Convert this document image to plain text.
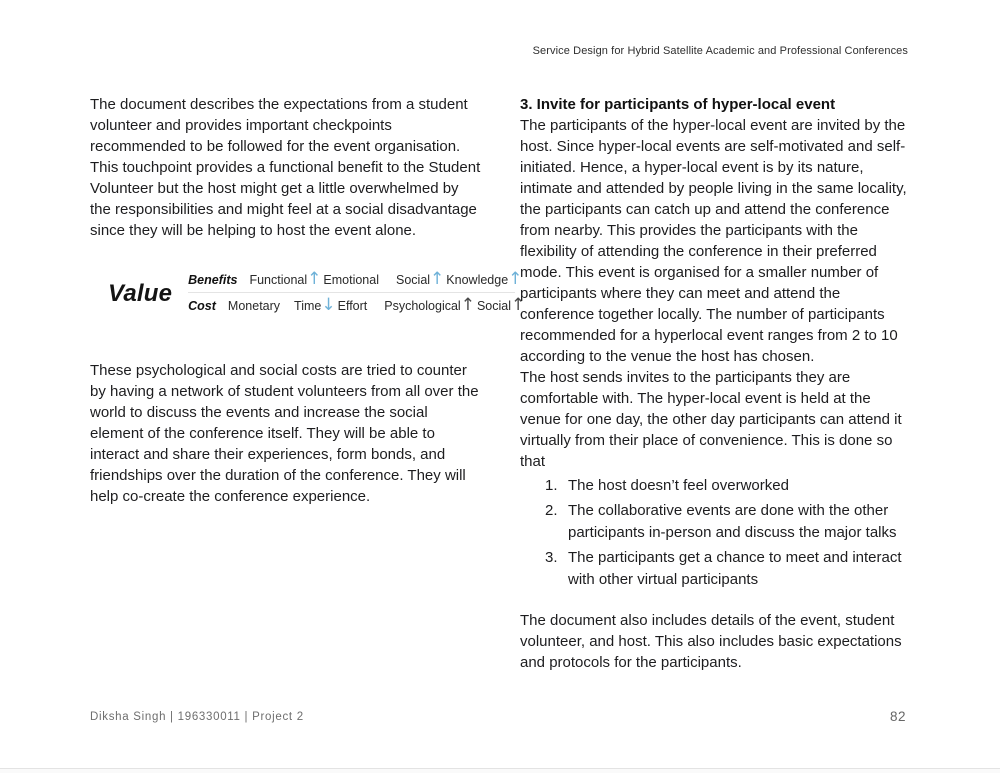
Service Design for Hybrid Satellite Academic and Professional Conferences

The document describes the expectations from a student volunteer and provides important checkpoints recommended to be followed for the event organisation. This touchpoint provides a functional benefit to the Student Volunteer but the host might get a little overwhelmed by the responsibilities and might feel at a social disadvantage since they will be helping to host the event alone.

Value Benefits Functional ↑ Emotional Social ↑ Knowledge ↑
Cost Monetary Time ↓ Effort Psychological ↑ Social ↑

These psychological and social costs are tried to counter by having a network of student volunteers from all over the world to discuss the events and increase the social element of the conference itself. They will be able to interact and share their experiences, form bonds, and friendships over the duration of the conference. They will help co-create the conference experience.

3. Invite for participants of hyper-local event

The participants of the hyper-local event are invited by the host. Since hyper-local events are self-motivated and self-initiated. Hence, a hyper-local event is by its nature, intimate and attended by people living in the same locality, the participants can catch up and attend the conference from nearby. This provides the participants with the flexibility of attending the conference in their preferred mode. This event is organised for a smaller number of participants where they can meet and attend the conference together locally. The number of participants recommended for a hyperlocal event ranges from 2 to 10 according to the venue the host has chosen.

The host sends invites to the participants they are comfortable with. The hyper-local event is held at the venue for one day, the other day participants can attend it virtually from their place of convenience. This is done so that

1. The host doesn’t feel overworked
2. The collaborative events are done with the other participants in-person and discuss the major talks
3. The participants get a chance to meet and interact with other virtual participants

The document also includes details of the event, student volunteer, and host. This also includes basic expectations and protocols for the participants.

Diksha Singh | 196330011 | Project 2	82
